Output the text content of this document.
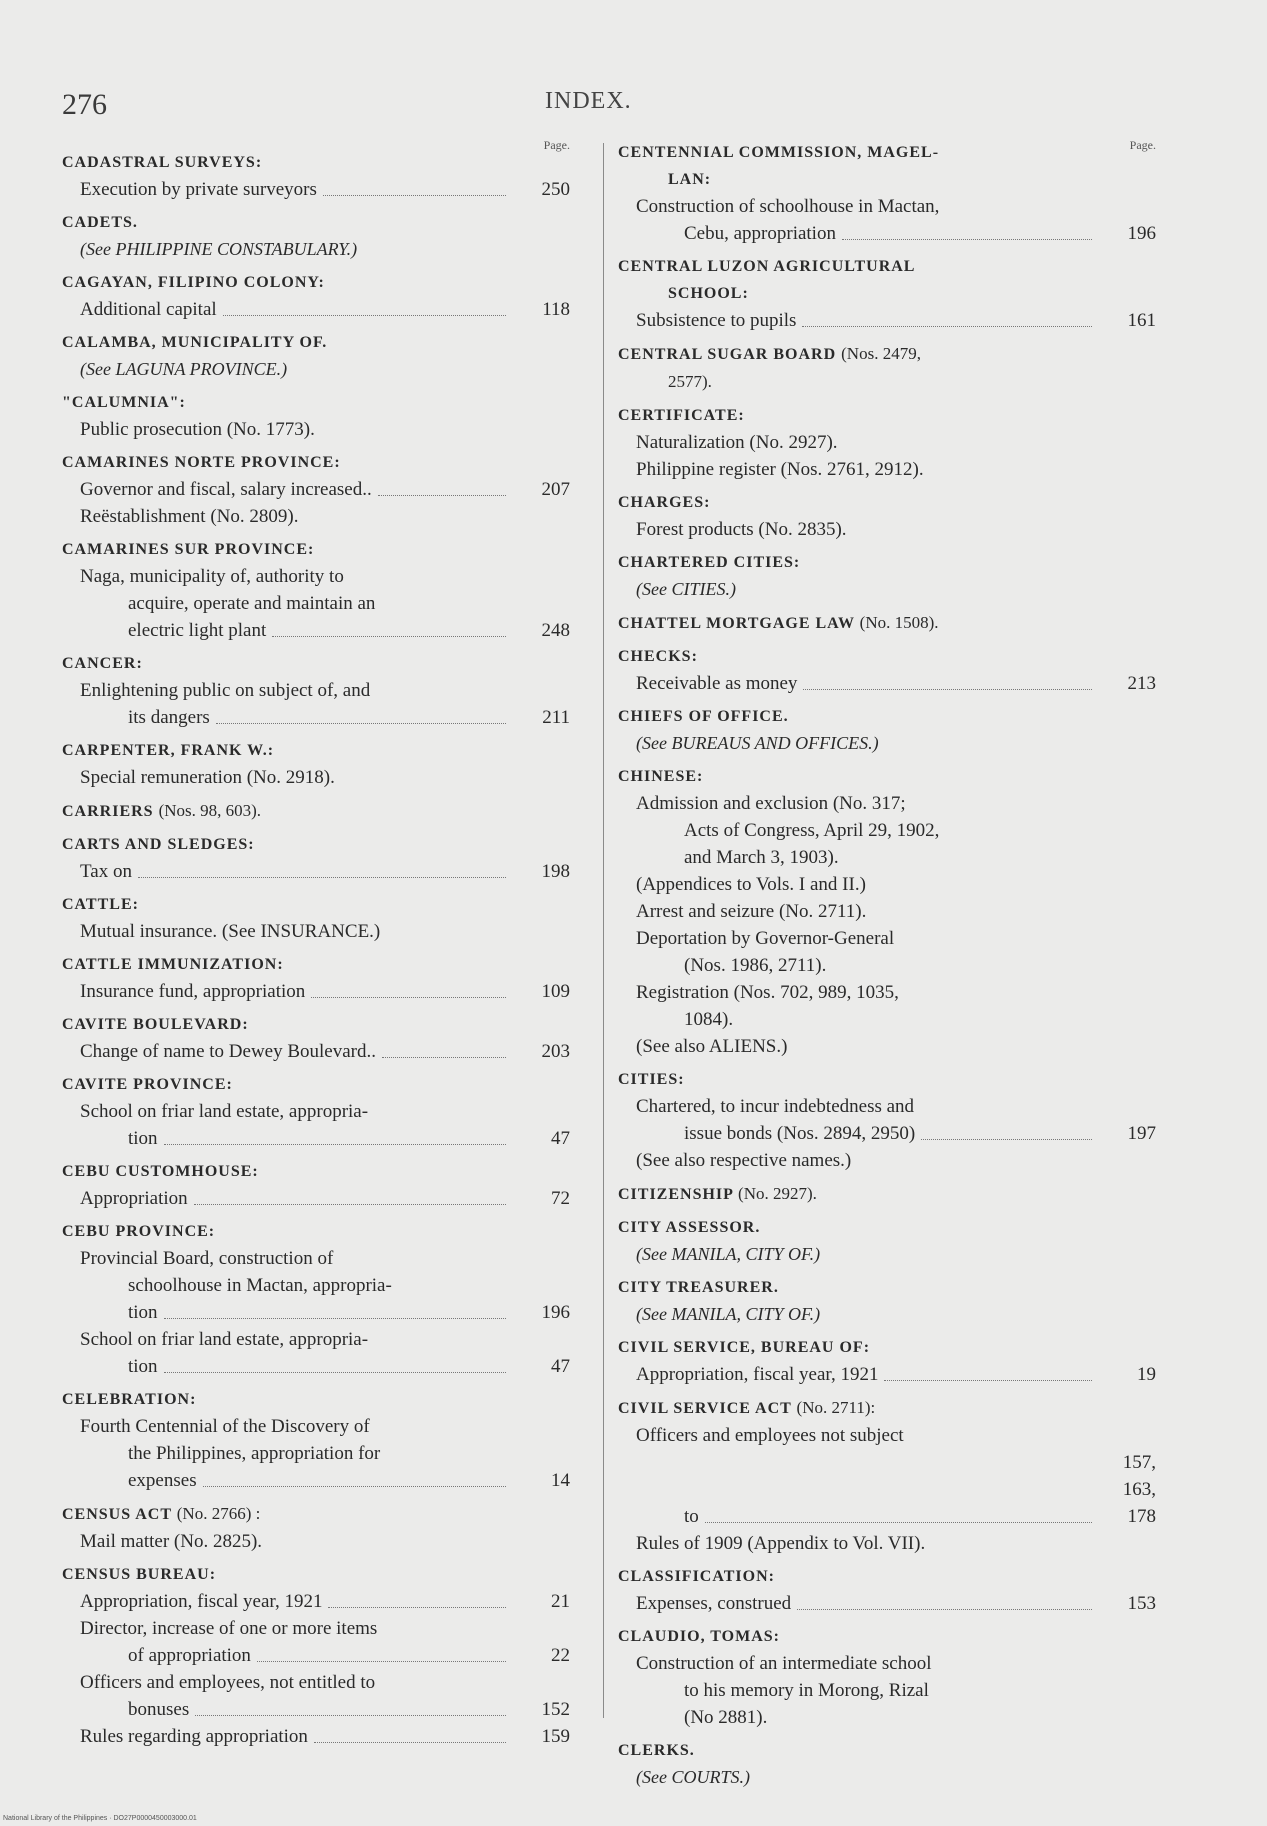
276	INDEX.
Page.
CADASTRAL SURVEYS:
Execution by private surveyors	250
CADETS.
(See PHILIPPINE CONSTABULARY.)
CAGAYAN, FILIPINO COLONY:
Additional capital	118
CALAMBA, MUNICIPALITY OF.
(See LAGUNA PROVINCE.)
"CALUMNIA":
Public prosecution (No. 1773).
CAMARINES NORTE PROVINCE:
Governor and fiscal, salary increased..	207
Reëstablishment (No. 2809).
CAMARINES SUR PROVINCE:
Naga, municipality of, authority to
acquire, operate and maintain an
electric light plant	248
CANCER:
Enlightening public on subject of, and
its dangers	211
CARPENTER, FRANK W.:
Special remuneration (No. 2918).
CARRIERS (Nos. 98, 603).
CARTS AND SLEDGES:
Tax on	198
CATTLE:
Mutual insurance. (See INSURANCE.)
CATTLE IMMUNIZATION:
Insurance fund, appropriation	109
CAVITE BOULEVARD:
Change of name to Dewey Boulevard..	203
CAVITE PROVINCE:
School on friar land estate, appropria-
tion	47
CEBU CUSTOMHOUSE:
Appropriation	72
CEBU PROVINCE:
Provincial Board, construction of
schoolhouse in Mactan, appropria-
tion	196
School on friar land estate, appropria-
tion	47
CELEBRATION:
Fourth Centennial of the Discovery of
the Philippines, appropriation for
expenses	14
CENSUS ACT (No. 2766) :
Mail matter (No. 2825).
CENSUS BUREAU:
Appropriation, fiscal year, 1921	21
Director, increase of one or more items
of appropriation	22
Officers and employees, not entitled to
bonuses	152
Rules regarding appropriation	159
Page.
CENTENNIAL COMMISSION, MAGEL-
LAN:
Construction of schoolhouse in Mactan,
Cebu, appropriation	196
CENTRAL LUZON AGRICULTURAL
SCHOOL:
Subsistence to pupils	161
CENTRAL SUGAR BOARD (Nos. 2479,
2577).
CERTIFICATE:
Naturalization (No. 2927).
Philippine register (Nos. 2761, 2912).
CHARGES:
Forest products (No. 2835).
CHARTERED CITIES:
(See CITIES.)
CHATTEL MORTGAGE LAW (No. 1508).
CHECKS:
Receivable as money	213
CHIEFS OF OFFICE.
(See BUREAUS AND OFFICES.)
CHINESE:
Admission and exclusion (No. 317;
Acts of Congress, April 29, 1902,
and March 3, 1903).
(Appendices to Vols. I and II.)
Arrest and seizure (No. 2711).
Deportation by Governor-General
(Nos. 1986, 2711).
Registration (Nos. 702, 989, 1035,
1084).
(See also ALIENS.)
CITIES:
Chartered, to incur indebtedness and
issue bonds (Nos. 2894, 2950)	197
(See also respective names.)
CITIZENSHIP (No. 2927).
CITY ASSESSOR.
(See MANILA, CITY OF.)
CITY TREASURER.
(See MANILA, CITY OF.)
CIVIL SERVICE, BUREAU OF:
Appropriation, fiscal year, 1921	19
CIVIL SERVICE ACT (No. 2711):
Officers and employees not subject
to
157, 163, 178
Rules of 1909 (Appendix to Vol. VII).
CLASSIFICATION:
Expenses, construed	153
CLAUDIO, TOMAS:
Construction of an intermediate school
to his memory in Morong, Rizal
(No 2881).
CLERKS.
(See COURTS.)
National Library of the Philippines · DO27P0000450003000.01
